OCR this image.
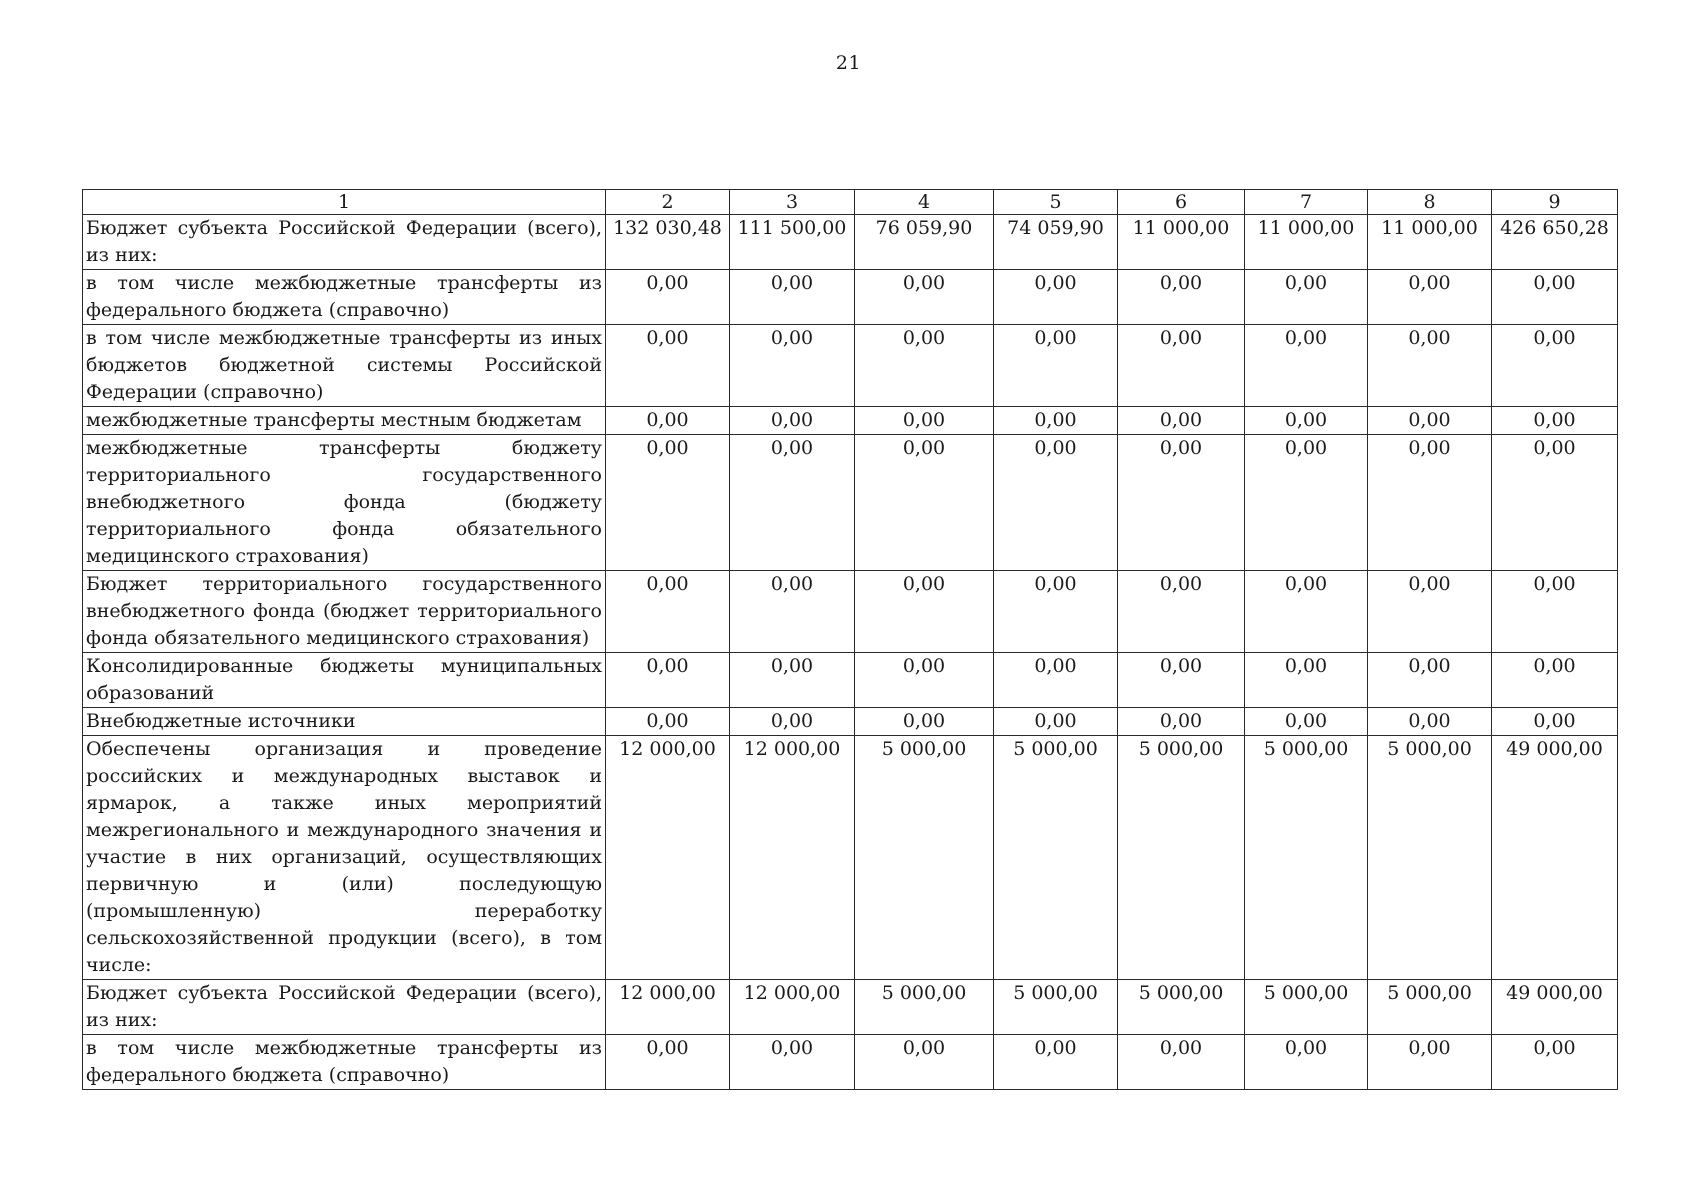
21
1	2	3	4	5	6	7	8	9
Бюджет субъекта Российской Федерации (всего), из них:	132 030,48	111 500,00	76 059,90	74 059,90	11 000,00	11 000,00	11 000,00	426 650,28
в том числе межбюджетные трансферты из федерального бюджета (справочно)	0,00	0,00	0,00	0,00	0,00	0,00	0,00	0,00
в том числе межбюджетные трансферты из иных бюджетов бюджетной системы Российской Федерации (справочно)	0,00	0,00	0,00	0,00	0,00	0,00	0,00	0,00
межбюджетные трансферты местным бюджетам	0,00	0,00	0,00	0,00	0,00	0,00	0,00	0,00
межбюджетные трансферты бюджету территориального государственного внебюджетного фонда (бюджету территориального фонда обязательного медицинского страхования)	0,00	0,00	0,00	0,00	0,00	0,00	0,00	0,00
Бюджет территориального государственного внебюджетного фонда (бюджет территориального фонда обязательного медицинского страхования)	0,00	0,00	0,00	0,00	0,00	0,00	0,00	0,00
Консолидированные бюджеты муниципальных образований	0,00	0,00	0,00	0,00	0,00	0,00	0,00	0,00
Внебюджетные источники	0,00	0,00	0,00	0,00	0,00	0,00	0,00	0,00
Обеспечены организация и проведение российских и международных выставок и ярмарок, а также иных мероприятий межрегионального и международного значения и участие в них организаций, осуществляющих первичную и (или) последующую (промышленную) переработку сельскохозяйственной продукции (всего), в том числе:	12 000,00	12 000,00	5 000,00	5 000,00	5 000,00	5 000,00	5 000,00	49 000,00
Бюджет субъекта Российской Федерации (всего), из них:	12 000,00	12 000,00	5 000,00	5 000,00	5 000,00	5 000,00	5 000,00	49 000,00
в том числе межбюджетные трансферты из федерального бюджета (справочно)	0,00	0,00	0,00	0,00	0,00	0,00	0,00	0,00
